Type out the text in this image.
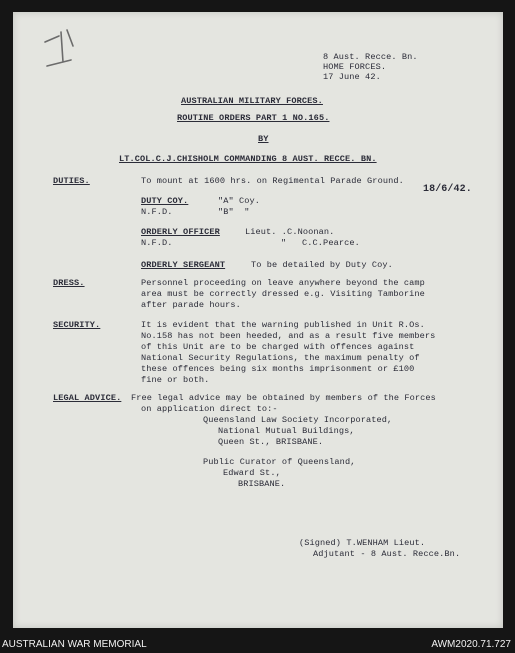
8 Aust. Recce. Bn.
HOME FORCES.
17 June 42.
AUSTRALIAN MILITARY FORCES.
ROUTINE ORDERS PART 1 NO.165.
BY
LT.COL.C.J.CHISHOLM COMMANDING 8 AUST. RECCE. BN.
DUTIES.	To mount at 1600 hrs. on Regimental Parade Ground.
18/6/42.
DUTY COY.	"A" Coy.
N.F.D.	"B"  "
ORDERLY OFFICER	Lieut. .C.Noonan.
N.F.D.	"   C.C.Pearce.
ORDERLY SERGEANT	To be detailed by Duty Coy.
DRESS.	Personnel proceeding on leave anywhere beyond the camp
area must be correctly dressed e.g. Visiting Tamborine
after parade hours.
SECURITY.	It is evident that the warning published in Unit R.Os.
No.158 has not been heeded, and as a result five members
of this Unit are to be charged with offences against
National Security Regulations, the maximum penalty of
these offences being six months imprisonment or £100
fine or both.
LEGAL ADVICE. Free legal advice may be obtained by members of the Forces
on application direct to:-
Queensland Law Society Incorporated,
National Mutual Buildings,
Queen St., BRISBANE.
Public Curator of Queensland,
Edward St.,
BRISBANE.
(Signed) T.WENHAM Lieut.
Adjutant - 8 Aust. Recce.Bn.
AUSTRALIAN WAR MEMORIAL	AWM2020.71.727
